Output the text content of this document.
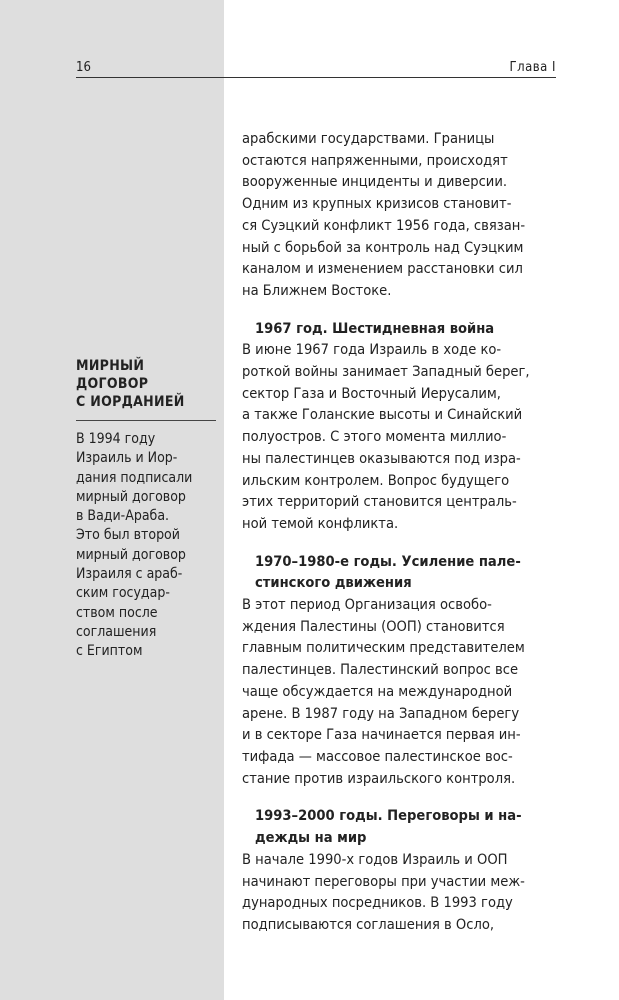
16	Глава I
МИРНЫЙ
ДОГОВОР
С ИОРДАНИЕЙ
В 1994 году
Израиль и Иор-
дания подписали
мирный договор
в Вади-Араба.
Это был второй
мирный договор
Израиля с араб-
ским государ-
ством после
соглашения
с Египтом
арабскими государствами. Границы
остаются напряженными, происходят
вооруженные инциденты и диверсии.
Одним из крупных кризисов становит-
ся Суэцкий конфликт 1956 года, связан-
ный с борьбой за контроль над Суэцким
каналом и изменением расстановки сил
на Ближнем Востоке.
1967 год. Шестидневная война
В июне 1967 года Израиль в ходе ко-
роткой войны занимает Западный берег,
сектор Газа и Восточный Иерусалим,
а также Голанские высоты и Синайский
полуостров. С этого момента миллио-
ны палестинцев оказываются под изра-
ильским контролем. Вопрос будущего
этих территорий становится централь-
ной темой конфликта.
1970–1980-е годы. Усиление пале-
стинского движения
В этот период Организация освобо-
ждения Палестины (ООП) становится
главным политическим представителем
палестинцев. Палестинский вопрос все
чаще обсуждается на международной
арене. В 1987 году на Западном берегу
и в секторе Газа начинается первая ин-
тифада — массовое палестинское вос-
стание против израильского контроля.
1993–2000 годы. Переговоры и на-
дежды на мир
В начале 1990-х годов Израиль и ООП
начинают переговоры при участии меж-
дународных посредников. В 1993 году
подписываются соглашения в Осло,
